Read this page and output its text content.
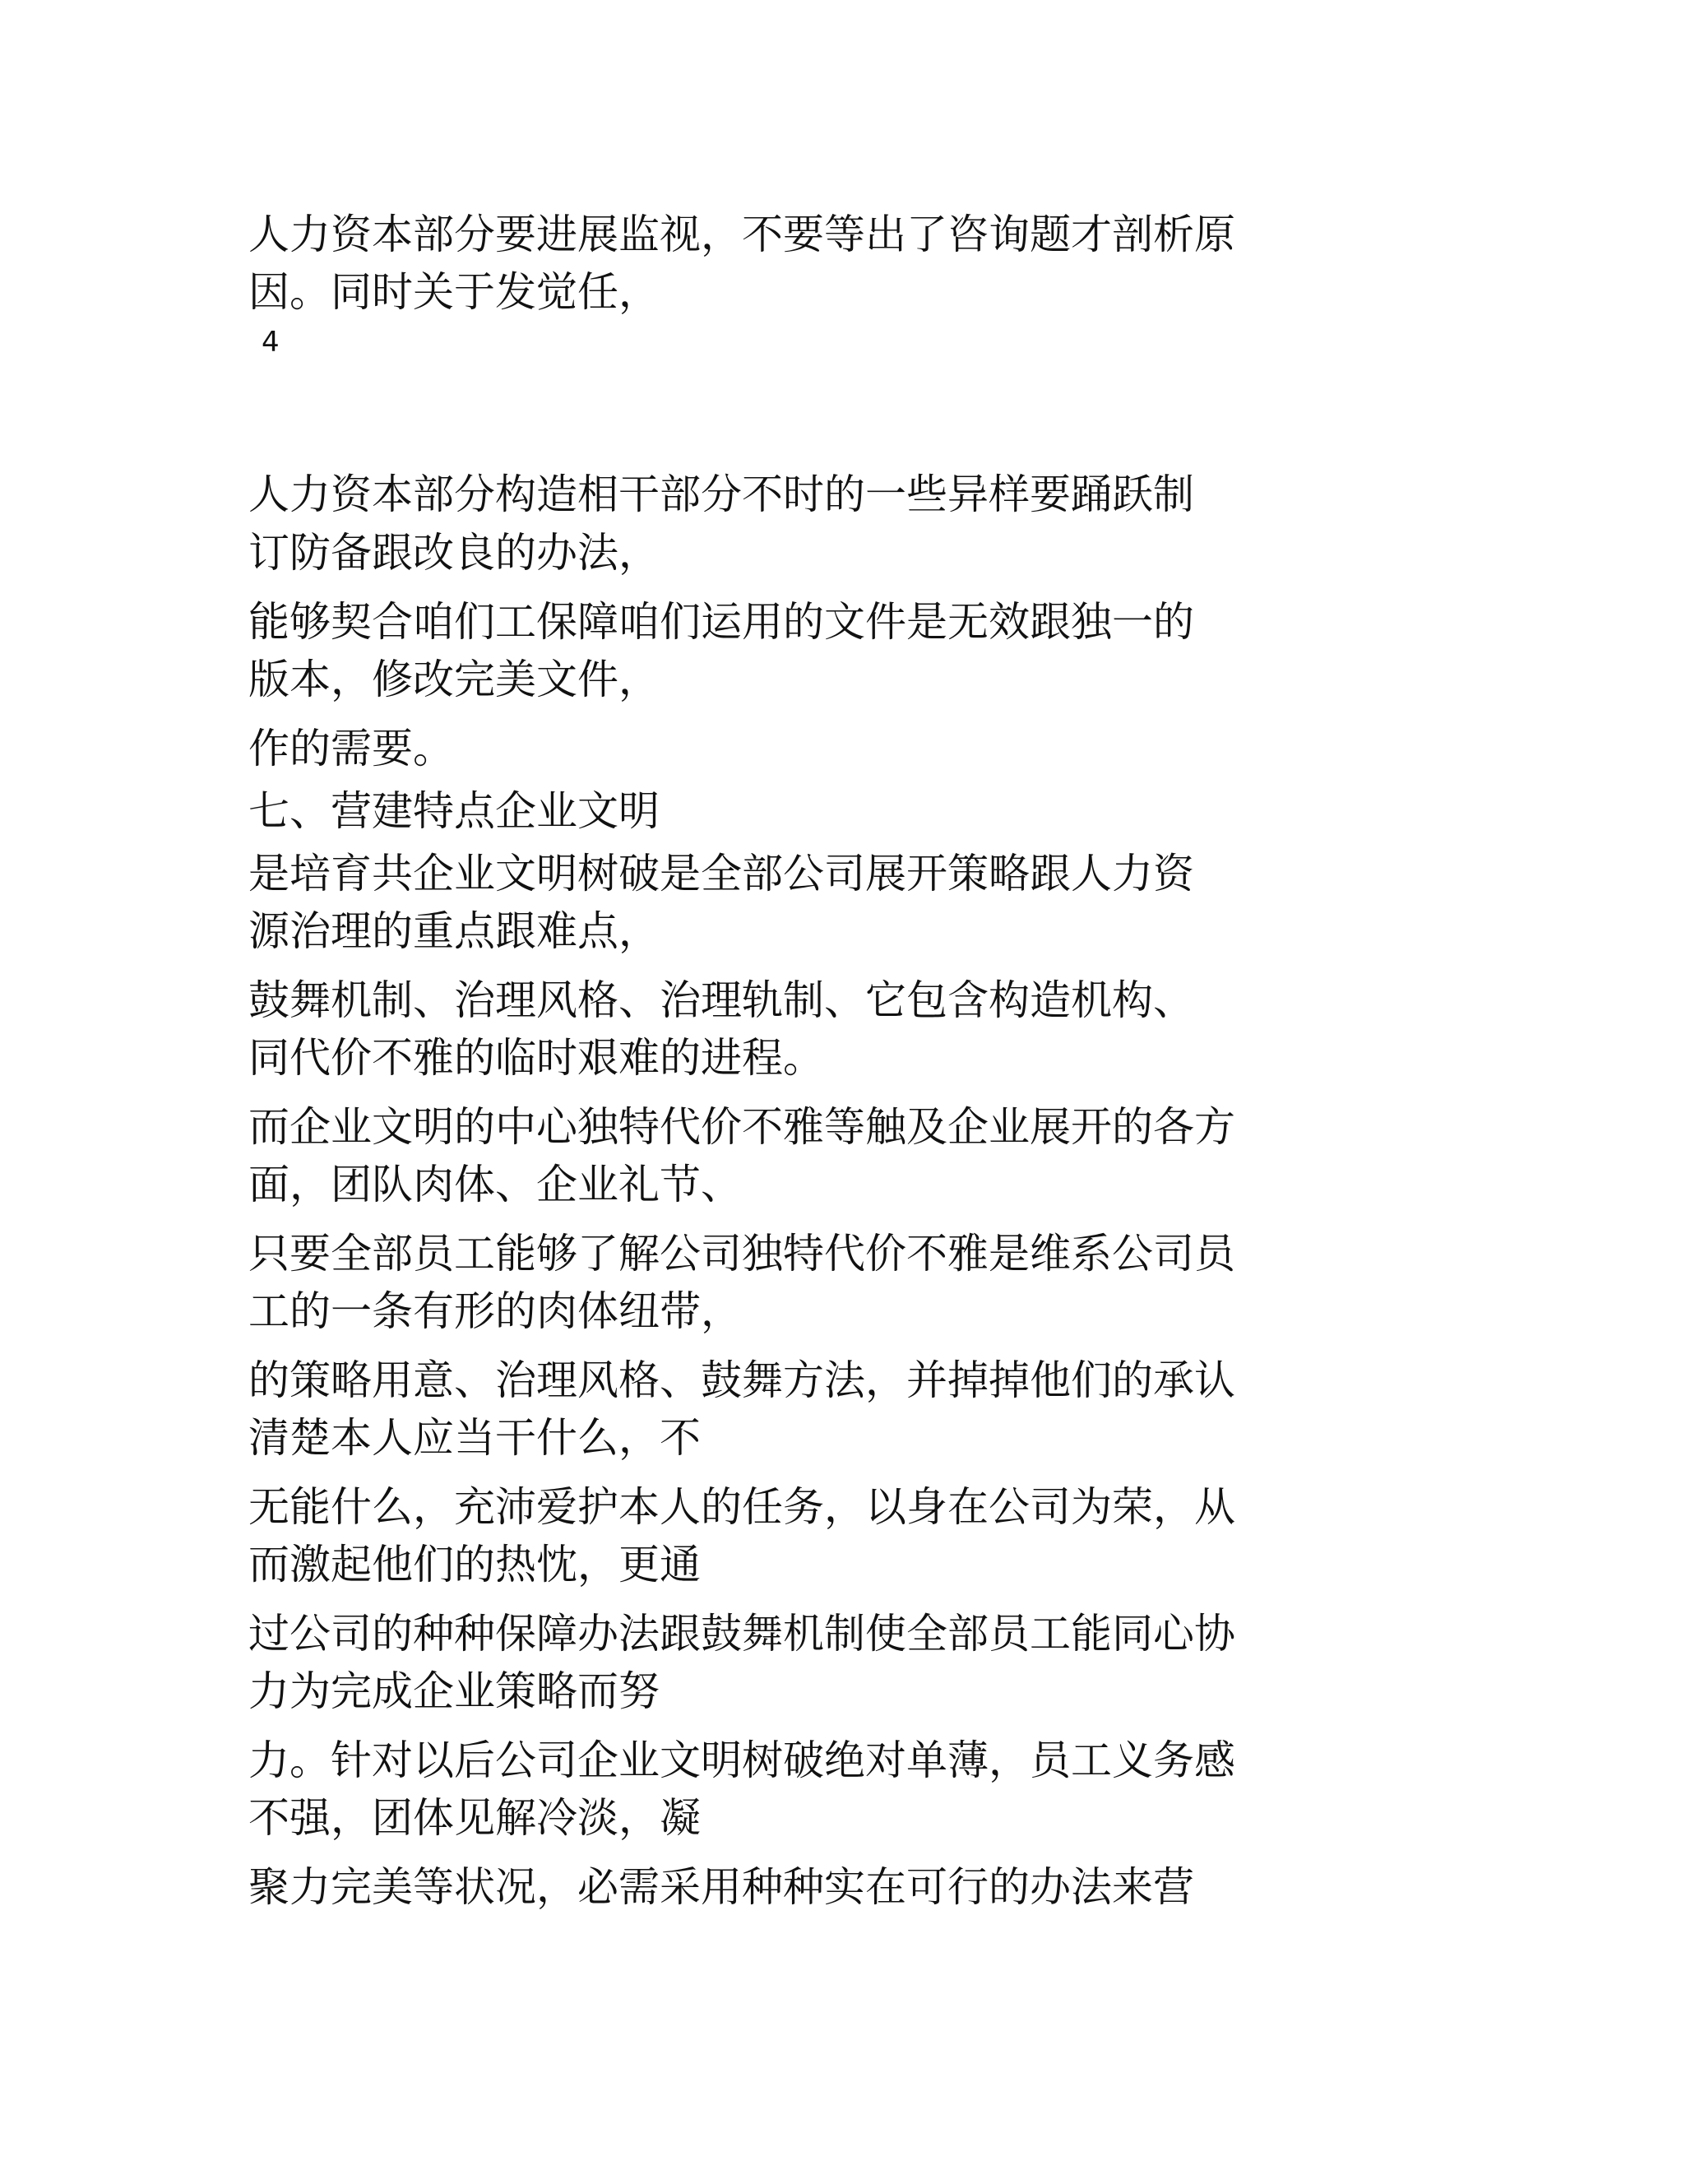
人力资本部分要进展监视，不要等出了咨询题才剖析原
因。同时关于发觉任，
4
人力资本部分构造相干部分不时的一些异样要踊跃制
订防备跟改良的办法，
能够契合咱们工保障咱们运用的文件是无效跟独一的
版本，修改完美文件，
作的需要。
七、营建特点企业文明
是培育共企业文明树破是全部公司展开策略跟人力资
源治理的重点跟难点，
鼓舞机制、治理风格、治理轨制、它包含构造机构、
同代价不雅的临时艰难的进程。
而企业文明的中心独特代价不雅等触及企业展开的各方
面，团队肉体、企业礼节、
只要全部员工能够了解公司独特代价不雅是维系公司员
工的一条有形的肉体纽带，
的策略用意、治理风格、鼓舞方法，并掉掉他们的承认
清楚本人应当干什么，不
无能什么，充沛爱护本人的任务，以身在公司为荣，从
而激起他们的热忱，更通
过公司的种种保障办法跟鼓舞机制使全部员工能同心协
力为完成企业策略而努
力。针对以后公司企业文明树破绝对单薄，员工义务感
不强，团体见解冷淡，凝
聚力完美等状况，必需采用种种实在可行的办法来营
